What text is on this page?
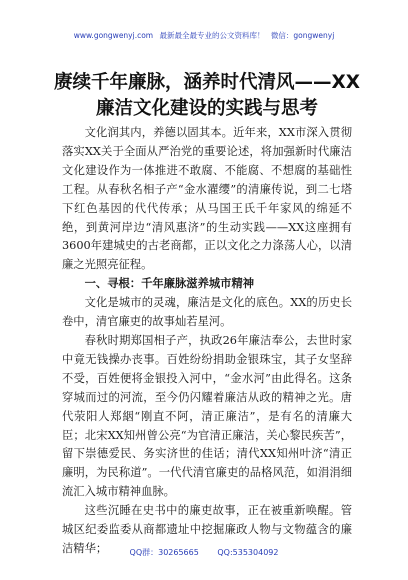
www.gongwenyj.com 最新最全最专业的公文资料库！ 微信：gongwenyj
赓续千年廉脉，涵养时代清风——XX廉洁文化建设的实践与思考

文化润其内，养德以固其本。近年来，XX市深入贯彻落实XX关于全面从严治党的重要论述，将加强新时代廉洁文化建设作为一体推进不敢腐、不能腐、不想腐的基础性工程。从春秋名相子产“金水濯缨”的清廉传说，到二七塔下红色基因的代代传承；从马国王氏千年家风的绵延不绝，到黄河岸边“清风惠济”的生动实践——XX这座拥有3600年建城史的古老商都，正以文化之力涤荡人心，以清廉之光照亮征程。

一、寻根：千年廉脉滋养城市精神

文化是城市的灵魂，廉洁是文化的底色。XX的历史长卷中，清官廉吏的故事灿若星河。

春秋时期郑国相子产，执政26年廉洁奉公，去世时家中竟无钱操办丧事。百姓纷纷捐助金银珠宝，其子女坚辞不受，百姓便将金银投入河中，“金水河”由此得名。这条穿城而过的河流，至今仍闪耀着廉洁从政的精神之光。唐代荥阳人郑絪“刚直不阿，清正廉洁”，是有名的清廉大臣；北宋XX知州曾公亮“为官清正廉洁，关心黎民疾苦”，留下崇德爱民、务实济世的佳话；清代XX知州叶济“清正廉明，为民称道”。一代代清官廉吏的品格风范，如涓涓细流汇入城市精神血脉。

这些沉睡在史书中的廉吏故事，正在被重新唤醒。管城区纪委监委从商都遗址中挖掘廉政人物与文物蕴含的廉洁精华；	QQ群：30265665 QQ:535304092
